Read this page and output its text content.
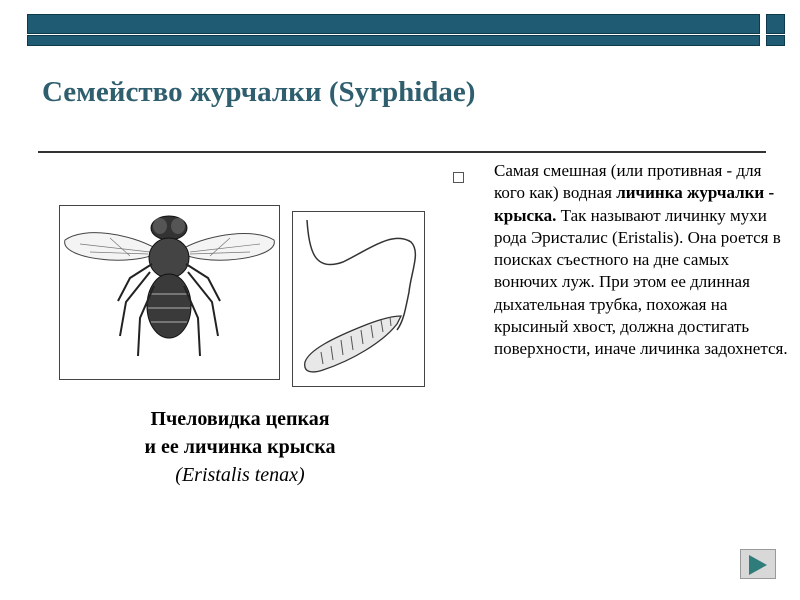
Семейство журчалки (Syrphidae)
Пчеловидка цепкая
и ее личинка крыска
(Eristalis tenax)
Самая смешная (или противная - для кого как) водная личинка журчалки - крыска. Так называют личинку мухи рода Эристалис (Eristalis). Она роется в поисках съестного на дне самых вонючих луж. При этом ее длинная дыхательная трубка, похожая на крысиный хвост, должна достигать поверхности, иначе личинка задохнется.
